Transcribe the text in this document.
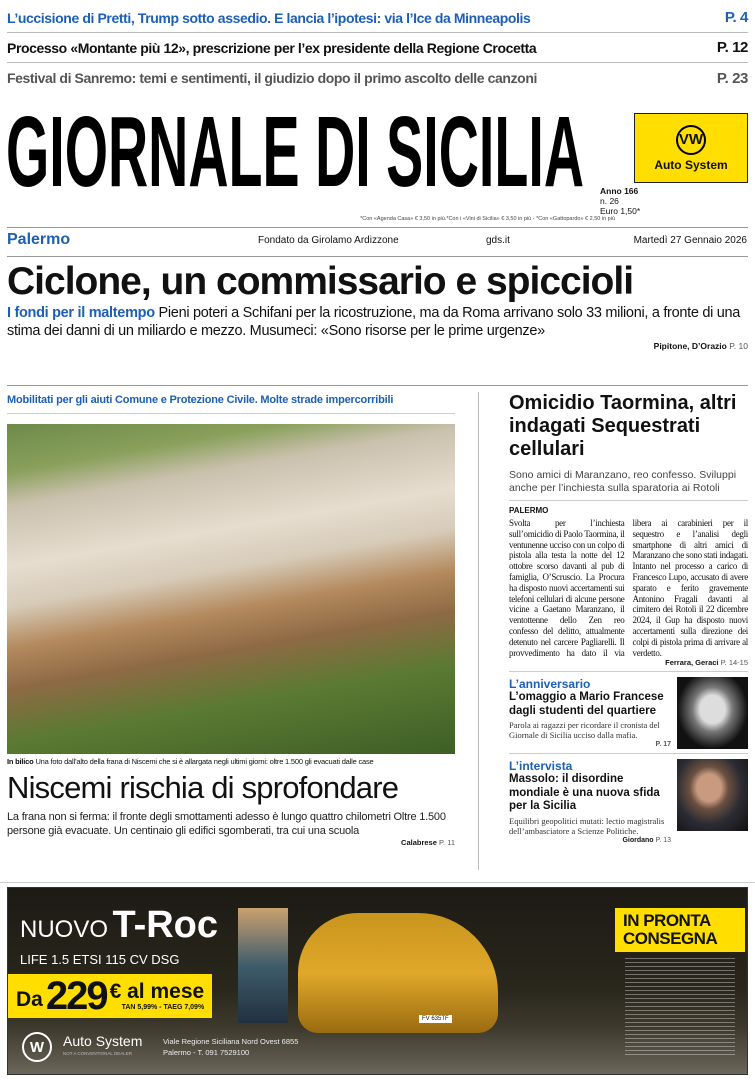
L’uccisione di Pretti, Trump sotto assedio. E lancia l’ipotesi: via l’Ice da Minneapolis	P. 4
Processo «Montante più 12», prescrizione per l’ex presidente della Regione Crocetta	P. 12
Festival di Sanremo: temi e sentimenti, il giudizio dopo il primo ascolto delle canzoni	P. 23
GIORNALE DI SICILIA	VW
Auto System
Anno 166
n. 26
Euro 1,50*
*Con «Agenda Casa» € 3,50 in più.*Con i «Vini di Sicilia» € 3,50 in più - *Con «Gattopardo» € 2,50 in più
Palermo	Fondato da Girolamo Ardizzone	gds.it	Martedì 27 Gennaio 2026
Ciclone, un commissario e spiccioli
I fondi per il maltempo Pieni poteri a Schifani per la ricostruzione, ma da Roma arrivano solo 33 milioni, a fronte di una stima dei danni di un miliardo e mezzo. Musumeci: «Sono risorse per le prime urgenze»
Pipitone, D’Orazio P. 10
Mobilitati per gli aiuti Comune e Protezione Civile. Molte strade impercorribili
In bilico Una foto dall’alto della frana di Niscemi che si è allargata negli ultimi giorni: oltre 1.500 gli evacuati dalle case
Niscemi rischia di sprofondare
La frana non si ferma: il fronte degli smottamenti adesso è lungo quattro chilometri Oltre 1.500 persone già evacuate. Un centinaio gli edifici sgomberati, tra cui una scuola
Calabrese P. 11
Omicidio Taormina, altri indagati Sequestrati cellulari
Sono amici di Maranzano, reo confesso. Sviluppi anche per l’inchiesta sulla sparatoria ai Rotoli
PALERMO
Svolta per l’inchiesta sull’omicidio di Paolo Taormina, il ventunenne ucciso con un colpo di pistola alla testa la notte del 12 ottobre scorso davanti al pub di famiglia, O’Scruscio. La Procura ha disposto nuovi accertamenti sui telefoni cellulari di alcune persone vicine a Gaetano Maranzano, il ventottenne dello Zen reo confesso del delitto, attualmente detenuto nel carcere Pagliarelli. Il provvedimento ha dato il via libera ai carabinieri per il sequestro e l’analisi degli smartphone di altri amici di Maranzano che sono stati indagati. Intanto nel processo a carico di Francesco Lupo, accusato di avere sparato e ferito gravemente Antonino Fragali davanti al cimitero dei Rotoli il 22 dicembre 2024, il Gup ha disposto nuovi accertamenti sulla direzione dei colpi di pistola prima di arrivare al verdetto.
Ferrara, Geraci P. 14-15
L’anniversario
L’omaggio a Mario Francese dagli studenti del quartiere
Parola ai ragazzi per ricordare il cronista del Giornale di Sicilia ucciso dalla mafia.
P. 17
L’intervista
Massolo: il disordine mondiale è una nuova sfida per la Sicilia
Equilibri geopolitici mutati: lectio magistralis dell’ambasciatore a Scienze Politiche.
Giordano P. 13
NUOVO T-Roc
LIFE 1.5 ETSI 115 CV DSG
Da 229 € al mese
TAN 5,99% - TAEG 7,09%
W	Auto System
NOT A CONVENTIONAL DEALER
Viale Regione Siciliana Nord Ovest 6855
Palermo - T. 091 7529100
FV 635TF
IN PRONTA CONSEGNA
